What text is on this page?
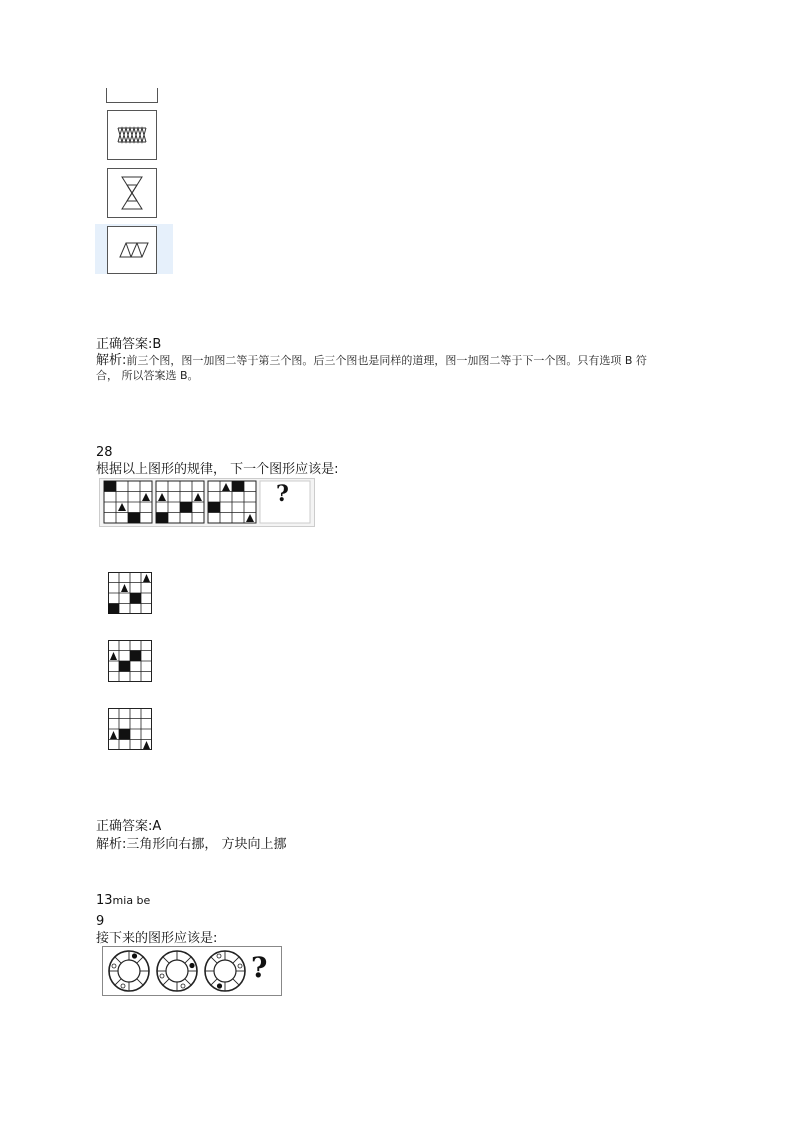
正确答案:B
解析:前三个图，图一加图二等于第三个图。后三个图也是同样的道理，图一加图二等于下一个图。只有选项 B 符
合， 所以答案选 B。
28
根据以上图形的规律， 下一个图形应该是:
?
正确答案:A
解析:三角形向右挪， 方块向上挪
13mia be
9
接下来的图形应该是:
?
